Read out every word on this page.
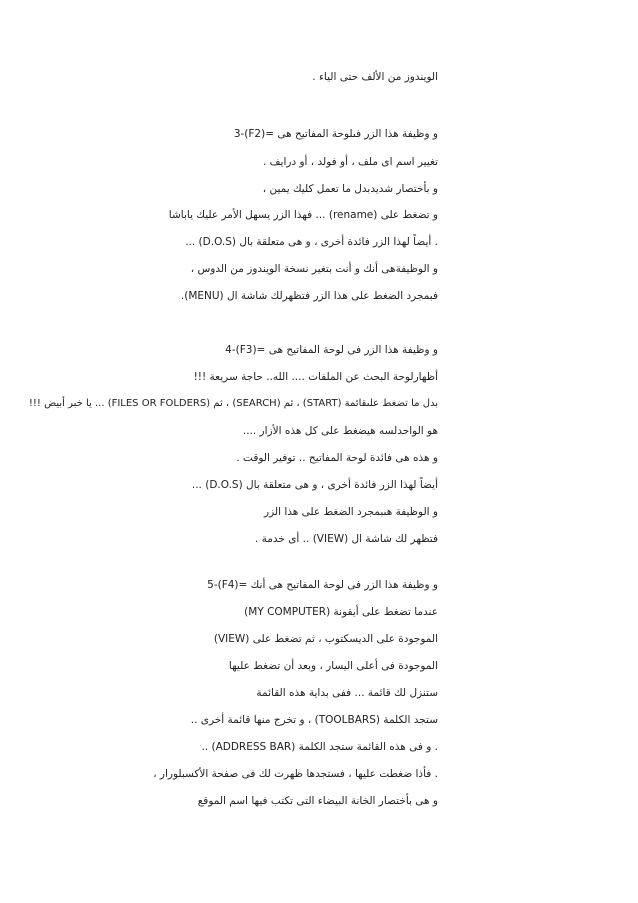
الويندوز من الألف حتى الياء .
3-(F2)= و وظيفة هذا الزر فىلوحة المفاتيح هى
تغيير اسم اى ملف ، أو فولد ، أو درايف .
و بأختصار شديدبدل ما تعمل كليك يمين ،
و تضغط على (rename) ... فهذا الزر يسهل الأمر عليك ياباشا
. أيضاً لهذا الزر فائدة أخرى ، و هى متعلقة بال (D.O.S) ...
و الوظيفةهى أنك و أنت بتغير نسخة الويندوز من الدوس ،
فبمجرد الضغط على هذا الزر فتظهرلك شاشة ال (MENU).
4-(F3)= و وظيفة هذا الزر فى لوحة المفاتيح هى
أظهارلوحة البحث عن الملفات .... الله.. حاجة سريعة !!!
بدل ما تضغط علىقائمة (START) ، ثم (SEARCH) ، ثم (FILES OR FOLDERS) ... يا خبر أبيض !!!
هو الواحدلسه هيضغط على كل هذه الأزار ....
و هذه هى فائدة لوحة المفاتيح .. توفير الوقت .
أيضاً لهذا الزر فائدة أخرى ، و هى متعلقة بال (D.O.S) ...
و الوظيفة هىبمجرد الضغط على هذا الزر
فتظهر لك شاشة ال (VIEW) .. أى خدمة .
5-(F4)= و وظيفة هذا الزر فى لوحة المفاتيح هى أنك
عندما تضغط على أيقونة (MY COMPUTER)
الموجودة على الديسكتوب ، ثم تضغط على (VIEW)
الموجودة فى أعلى اليسار ، وبعد أن تضغط عليها
ستنزل لك قائمة ... ففى بداية هذه القائمة
ستجد الكلمة (TOOLBARS) ، و تخرج منها قائمة أخرى ..
. و فى هذه القائمة ستجد الكلمة (ADDRESS BAR) ..
. فأذا ضغطت عليها ، فستجدها ظهرت لك فى صفحة الأكسبلورار ،
و هى بأختصار الخانة البيضاء التى تكتب فيها اسم الموقع
